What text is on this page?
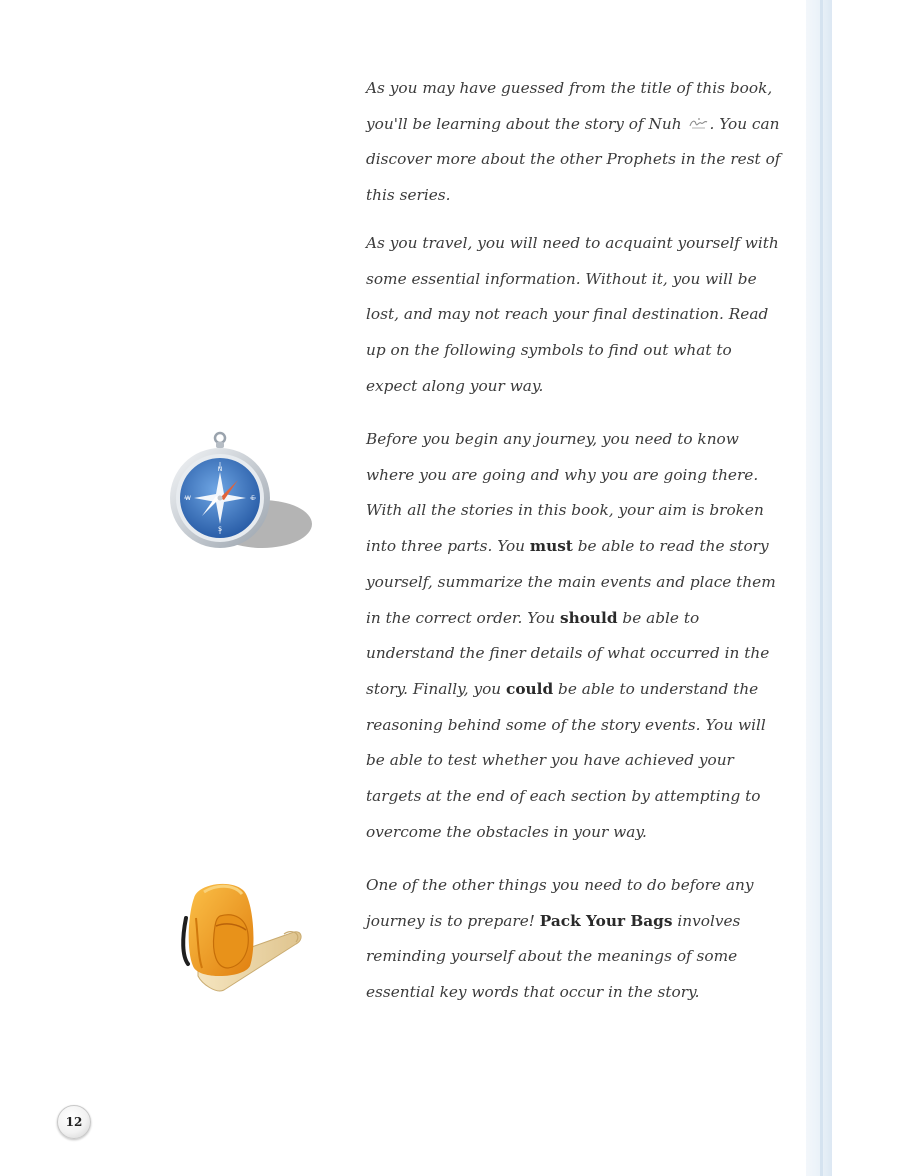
As you may have guessed from the title of this book, you'll be learning about the story of Nuh . You can discover more about the other Prophets in the rest of this series.

As you travel, you will need to acquaint yourself with some essential information. Without it, you will be lost, and may not reach your final destination. Read up on the following symbols to find out what to expect along your way.

N
S
E
W

Before you begin any journey, you need to know where you are going and why you are going there. With all the stories in this book, your aim is broken into three parts. You must be able to read the story yourself, summarize the main events and place them in the correct order. You should be able to understand the finer details of what occurred in the story. Finally, you could be able to understand the reasoning behind some of the story events. You will be able to test whether you have achieved your targets at the end of each section by attempting to overcome the obstacles in your way.

One of the other things you need to do before any journey is to prepare! Pack Your Bags involves reminding yourself about the meanings of some essential key words that occur in the story.

12
